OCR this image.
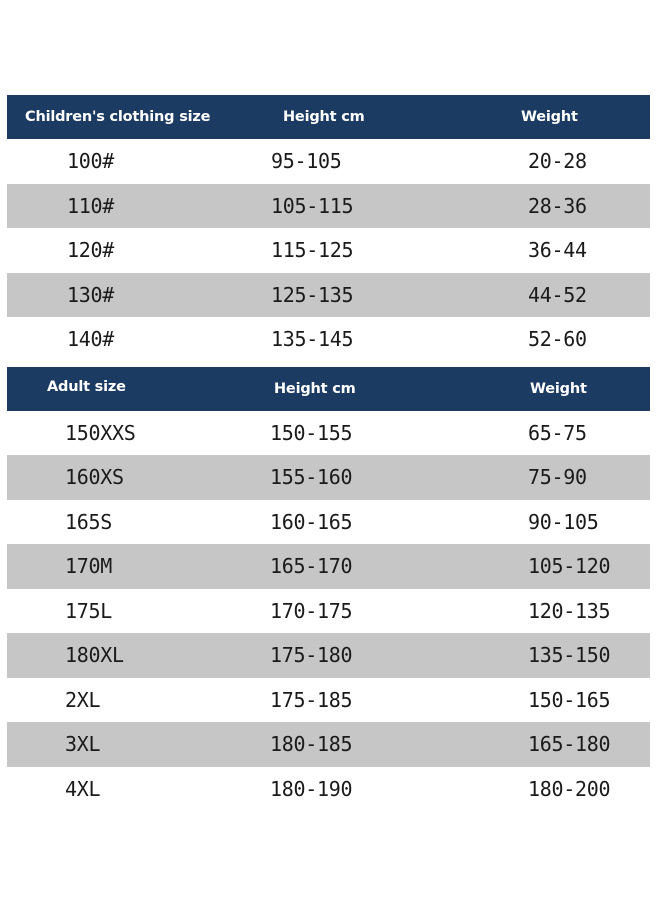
Children's clothing size	Height cm	Weight
100#	95-105	20-28
110#	105-115	28-36
120#	115-125	36-44
130#	125-135	44-52
140#	135-145	52-60
Adult size	Height cm	Weight
150XXS	150-155	65-75
160XS	155-160	75-90
165S	160-165	90-105
170M	165-170	105-120
175L	170-175	120-135
180XL	175-180	135-150
2XL	175-185	150-165
3XL	180-185	165-180
4XL	180-190	180-200
